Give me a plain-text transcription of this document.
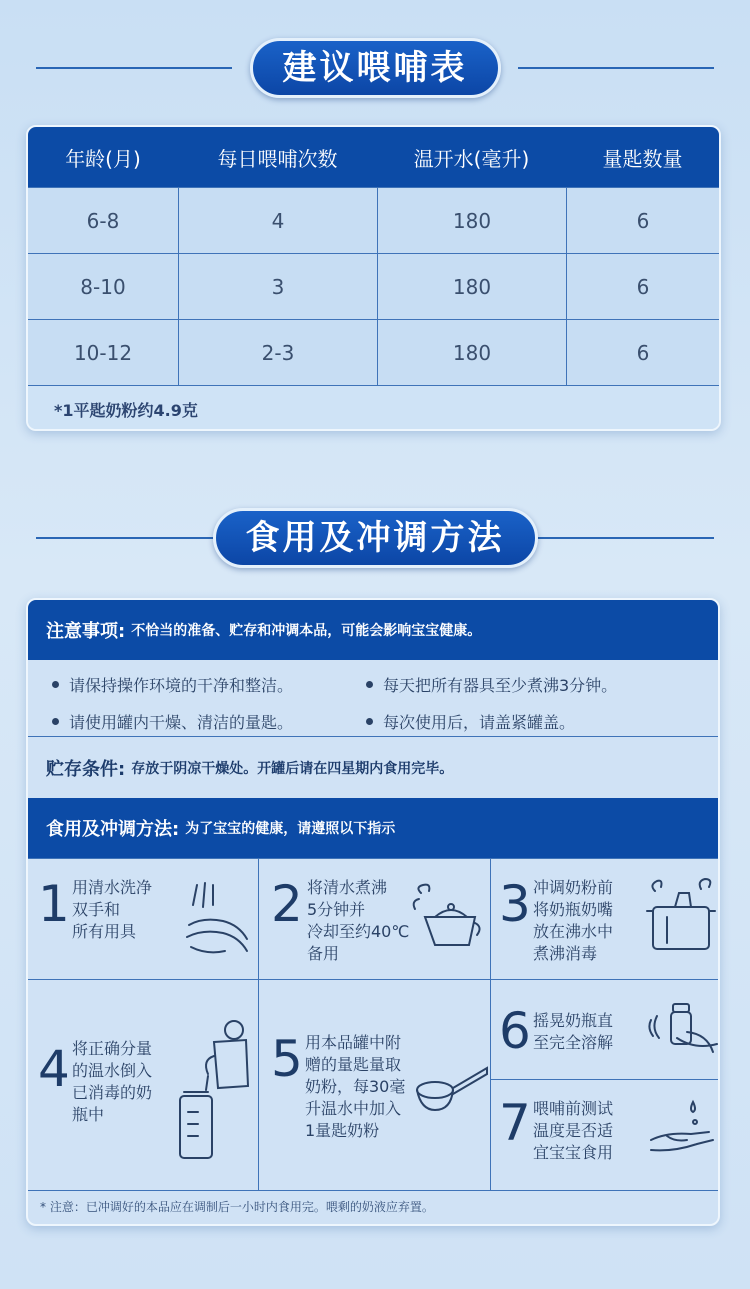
建议喂哺表
年龄(月)	每日喂哺次数	温开水(毫升)	量匙数量
6-8	4	180	6
8-10	3	180	6
10-12	2-3	180	6
*1平匙奶粉约4.9克
食用及冲调方法
注意事项: 不恰当的准备、贮存和冲调本品，可能会影响宝宝健康。
请保持操作环境的干净和整洁。	每天把所有器具至少煮沸3分钟。
请使用罐内干燥、清洁的量匙。	每次使用后，请盖紧罐盖。
贮存条件: 存放于阴凉干燥处。开罐后请在四星期内食用完毕。
食用及冲调方法: 为了宝宝的健康，请遵照以下指示
1 用清水洗净
双手和
所有用具	2 将清水煮沸
5分钟并
冷却至约40℃
备用
3 冲调奶粉前
将奶瓶奶嘴
放在沸水中
煮沸消毒
4 将正确分量
的温水倒入
已消毒的奶
瓶中
5 用本品罐中附
赠的量匙量取
奶粉，每30毫
升温水中加入
1量匙奶粉
6 摇晃奶瓶直
至完全溶解
7 喂哺前测试
温度是否适
宜宝宝食用
* 注意：已冲调好的本品应在调制后一小时内食用完。喂剩的奶液应弃置。
